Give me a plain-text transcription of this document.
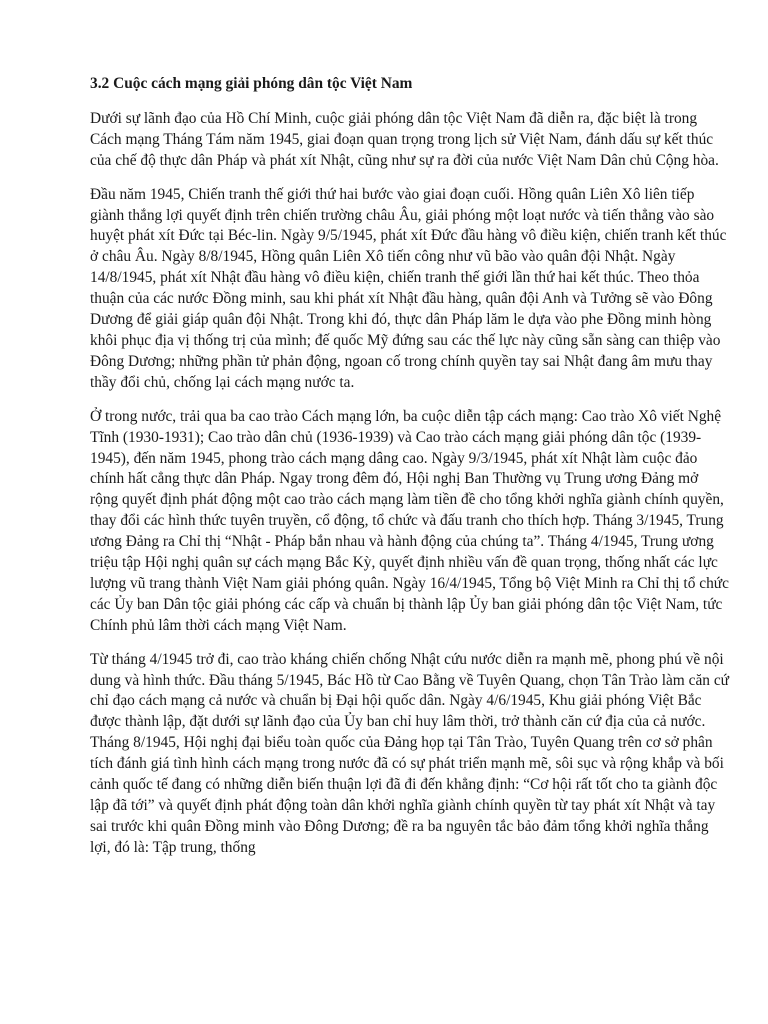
3.2 Cuộc cách mạng giải phóng dân tộc Việt Nam

Dưới sự lãnh đạo của Hồ Chí Minh, cuộc giải phóng dân tộc Việt Nam đã diễn ra, đặc biệt là trong Cách mạng Tháng Tám năm 1945, giai đoạn quan trọng trong lịch sử Việt Nam, đánh dấu sự kết thúc của chế độ thực dân Pháp và phát xít Nhật, cũng như sự ra đời của nước Việt Nam Dân chủ Cộng hòa.

Đầu năm 1945, Chiến tranh thế giới thứ hai bước vào giai đoạn cuối. Hồng quân Liên Xô liên tiếp giành thắng lợi quyết định trên chiến trường châu Âu, giải phóng một loạt nước và tiến thẳng vào sào huyệt phát xít Đức tại Béc-lin. Ngày 9/5/1945, phát xít Đức đầu hàng vô điều kiện, chiến tranh kết thúc ở châu Âu. Ngày 8/8/1945, Hồng quân Liên Xô tiến công như vũ bão vào quân đội Nhật. Ngày 14/8/1945, phát xít Nhật đầu hàng vô điều kiện, chiến tranh thế giới lần thứ hai kết thúc. Theo thỏa thuận của các nước Đồng minh, sau khi phát xít Nhật đầu hàng, quân đội Anh và Tưởng sẽ vào Đông Dương để giải giáp quân đội Nhật. Trong khi đó, thực dân Pháp lăm le dựa vào phe Đồng minh hòng khôi phục địa vị thống trị của mình; đế quốc Mỹ đứng sau các thế lực này cũng sẵn sàng can thiệp vào Đông Dương; những phần tử phản động, ngoan cố trong chính quyền tay sai Nhật đang âm mưu thay thầy đổi chủ, chống lại cách mạng nước ta.

Ở trong nước, trải qua ba cao trào Cách mạng lớn, ba cuộc diễn tập cách mạng: Cao trào Xô viết Nghệ Tĩnh (1930-1931); Cao trào dân chủ (1936-1939) và Cao trào cách mạng giải phóng dân tộc (1939-1945), đến năm 1945, phong trào cách mạng dâng cao. Ngày 9/3/1945, phát xít Nhật làm cuộc đảo chính hất cẳng thực dân Pháp. Ngay trong đêm đó, Hội nghị Ban Thường vụ Trung ương Đảng mở rộng quyết định phát động một cao trào cách mạng làm tiền đề cho tổng khởi nghĩa giành chính quyền, thay đổi các hình thức tuyên truyền, cổ động, tổ chức và đấu tranh cho thích hợp. Tháng 3/1945, Trung ương Đảng ra Chỉ thị “Nhật - Pháp bắn nhau và hành động của chúng ta”. Tháng 4/1945, Trung ương triệu tập Hội nghị quân sự cách mạng Bắc Kỳ, quyết định nhiều vấn đề quan trọng, thống nhất các lực lượng vũ trang thành Việt Nam giải phóng quân. Ngày 16/4/1945, Tổng bộ Việt Minh ra Chỉ thị tổ chức các Ủy ban Dân tộc giải phóng các cấp và chuẩn bị thành lập Ủy ban giải phóng dân tộc Việt Nam, tức Chính phủ lâm thời cách mạng Việt Nam.

Từ tháng 4/1945 trở đi, cao trào kháng chiến chống Nhật cứu nước diễn ra mạnh mẽ, phong phú về nội dung và hình thức. Đầu tháng 5/1945, Bác Hồ từ Cao Bằng về Tuyên Quang, chọn Tân Trào làm căn cứ chỉ đạo cách mạng cả nước và chuẩn bị Đại hội quốc dân. Ngày 4/6/1945, Khu giải phóng Việt Bắc được thành lập, đặt dưới sự lãnh đạo của Ủy ban chỉ huy lâm thời, trở thành căn cứ địa của cả nước. Tháng 8/1945, Hội nghị đại biểu toàn quốc của Đảng họp tại Tân Trào, Tuyên Quang trên cơ sở phân tích đánh giá tình hình cách mạng trong nước đã có sự phát triển mạnh mẽ, sôi sục và rộng khắp và bối cảnh quốc tế đang có những diễn biến thuận lợi đã đi đến khẳng định: “Cơ hội rất tốt cho ta giành độc lập đã tới” và quyết định phát động toàn dân khởi nghĩa giành chính quyền từ tay phát xít Nhật và tay sai trước khi quân Đồng minh vào Đông Dương; đề ra ba nguyên tắc bảo đảm tổng khởi nghĩa thắng lợi, đó là: Tập trung, thống
